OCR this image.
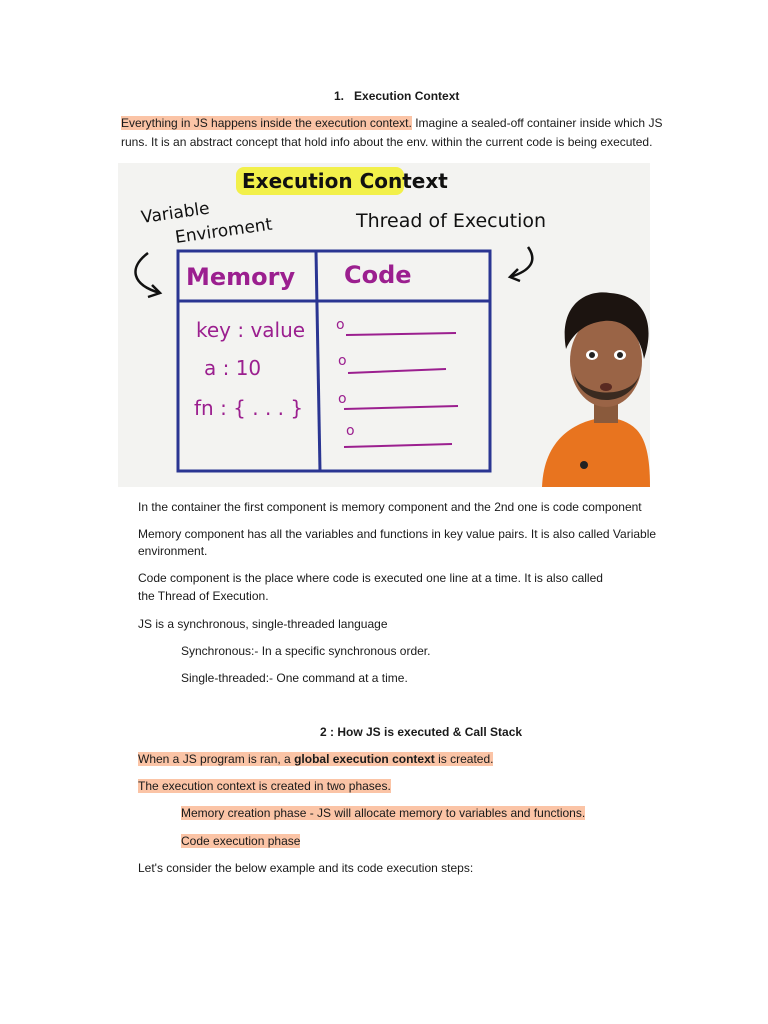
1. Execution Context
Everything in JS happens inside the execution context. Imagine a sealed-off container inside which JS
runs. It is an abstract concept that hold info about the env. within the current code is being executed.
Execution Context
Variable
Enviroment	Thread of Execution
Memory Code
key : value
a : 10
fn : { . . . }
o
o
o
o
In the container the first component is memory component and the 2nd one is code component
Memory component has all the variables and functions in key value pairs. It is also called Variable
environment.
Code component is the place where code is executed one line at a time. It is also called
the Thread of Execution.
JS is a synchronous, single-threaded language
Synchronous:- In a specific synchronous order.
Single-threaded:- One command at a time.
2 : How JS is executed & Call Stack
When a JS program is ran, a global execution context is created.
The execution context is created in two phases.
Memory creation phase - JS will allocate memory to variables and functions.
Code execution phase
Let's consider the below example and its code execution steps:
